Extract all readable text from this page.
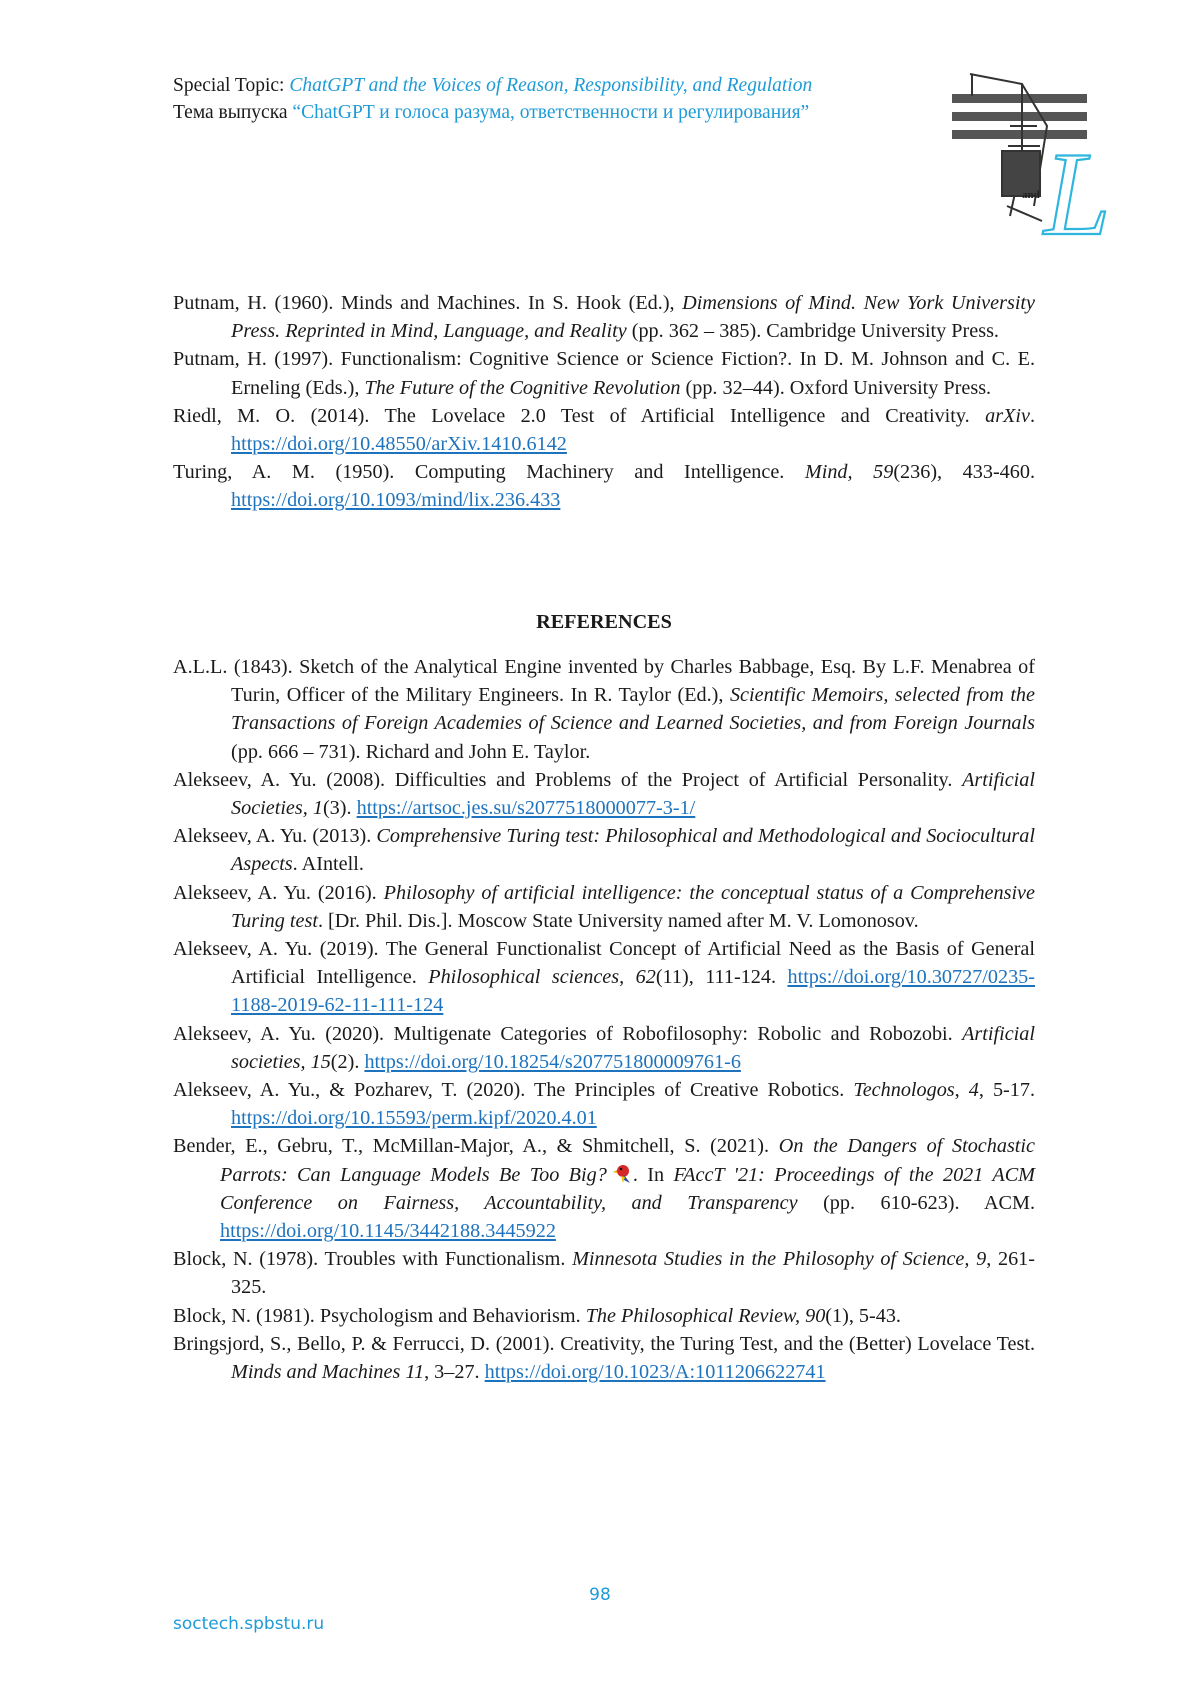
Special Topic: ChatGPT and the Voices of Reason, Responsibility, and Regulation
Тема выпуска “ChatGPT и голоса разума, ответственности и регулирования”
and L

Putnam, H. (1960). Minds and Machines. In S. Hook (Ed.), Dimensions of Mind. New York University Press. Reprinted in Mind, Language, and Reality (pp. 362 – 385). Cambridge University Press.

Putnam, H. (1997). Functionalism: Cognitive Science or Science Fiction?. In D. M. Johnson and C. E. Erneling (Eds.), The Future of the Cognitive Revolution (pp. 32–44). Oxford University Press.

Riedl, M. O. (2014). The Lovelace 2.0 Test of Artificial Intelligence and Creativity. arXiv. https://doi.org/10.48550/arXiv.1410.6142

Turing, A. M. (1950). Computing Machinery and Intelligence. Mind, 59(236), 433-460. https://doi.org/10.1093/mind/lix.236.433

REFERENCES

A.L.L. (1843). Sketch of the Analytical Engine invented by Charles Babbage, Esq. By L.F. Menabrea of Turin, Officer of the Military Engineers. In R. Taylor (Ed.), Scientific Memoirs, selected from the Transactions of Foreign Academies of Science and Learned Societies, and from Foreign Journals (pp. 666 – 731). Richard and John E. Taylor.

Alekseev, A. Yu. (2008). Difficulties and Problems of the Project of Artificial Personality. Artificial Societies, 1(3). https://artsoc.jes.su/s2077518000077-3-1/

Alekseev, A. Yu. (2013). Comprehensive Turing test: Philosophical and Methodological and Sociocultural Aspects. AIntell.

Alekseev, A. Yu. (2016). Philosophy of artificial intelligence: the conceptual status of a Comprehensive Turing test. [Dr. Phil. Dis.]. Moscow State University named after M. V. Lomonosov.

Alekseev, A. Yu. (2019). The General Functionalist Concept of Artificial Need as the Basis of General Artificial Intelligence. Philosophical sciences, 62(11), 111-124. https://doi.org/10.30727/0235-1188-2019-62-11-111-124

Alekseev, A. Yu. (2020). Multigenate Categories of Robofilosophy: Robolic and Robozobi. Artificial societies, 15(2). https://doi.org/10.18254/s207751800009761-6

Alekseev, A. Yu., & Pozharev, T. (2020). The Principles of Creative Robotics. Technologos, 4, 5-17. https://doi.org/10.15593/perm.kipf/2020.4.01

Bender, E., Gebru, T., McMillan-Major, A., & Shmitchell, S. (2021). On the Dangers of Stochastic Parrots: Can Language Models Be Too Big? . In FAccT '21: Proceedings of the 2021 ACM Conference on Fairness, Accountability, and Transparency (pp. 610-623). ACM. https://doi.org/10.1145/3442188.3445922

Block, N. (1978). Troubles with Functionalism. Minnesota Studies in the Philosophy of Science, 9, 261-325.

Block, N. (1981). Psychologism and Behaviorism. The Philosophical Review, 90(1), 5-43.

Bringsjord, S., Bello, P. & Ferrucci, D. (2001). Creativity, the Turing Test, and the (Better) Lovelace Test. Minds and Machines 11, 3–27. https://doi.org/10.1023/A:1011206622741

98
soctech.spbstu.ru
